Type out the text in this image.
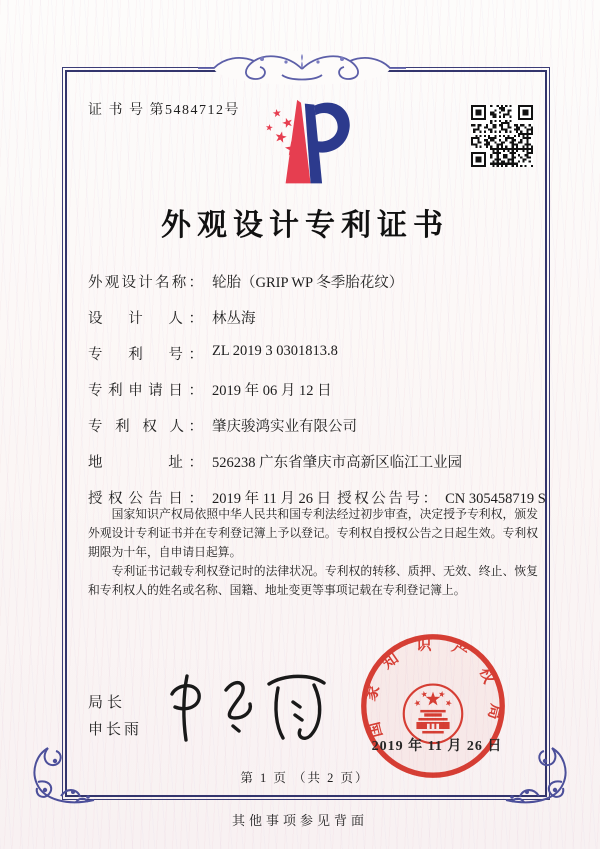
证 书 号 第5484712号
外观设计专利证书
外观设计名称： 轮胎（GRIP WP 冬季胎花纹）
设　计　人： 林丛海
专　利　号： ZL 2019 3 0301813.8
专利申请日： 2019 年 06 月 12 日
专 利 权 人： 肇庆骏鸿实业有限公司
地　　　址： 526238 广东省肇庆市高新区临江工业园
授权公告日： 2019 年 11 月 26 日 授权公告号： CN 305458719 S

国家知识产权局依照中华人民共和国专利法经过初步审查，决定授予专利权，颁发外观设计专利证书并在专利登记簿上予以登记。专利权自授权公告之日起生效。专利权期限为十年，自申请日起算。

专利证书记载专利权登记时的法律状况。专利权的转移、质押、无效、终止、恢复和专利权人的姓名或名称、国籍、地址变更等事项记载在专利登记簿上。

局长
申长雨	国家知识产权局
2019 年 11 月 26 日
第 1 页 （共 2 页）
其他事项参见背面
